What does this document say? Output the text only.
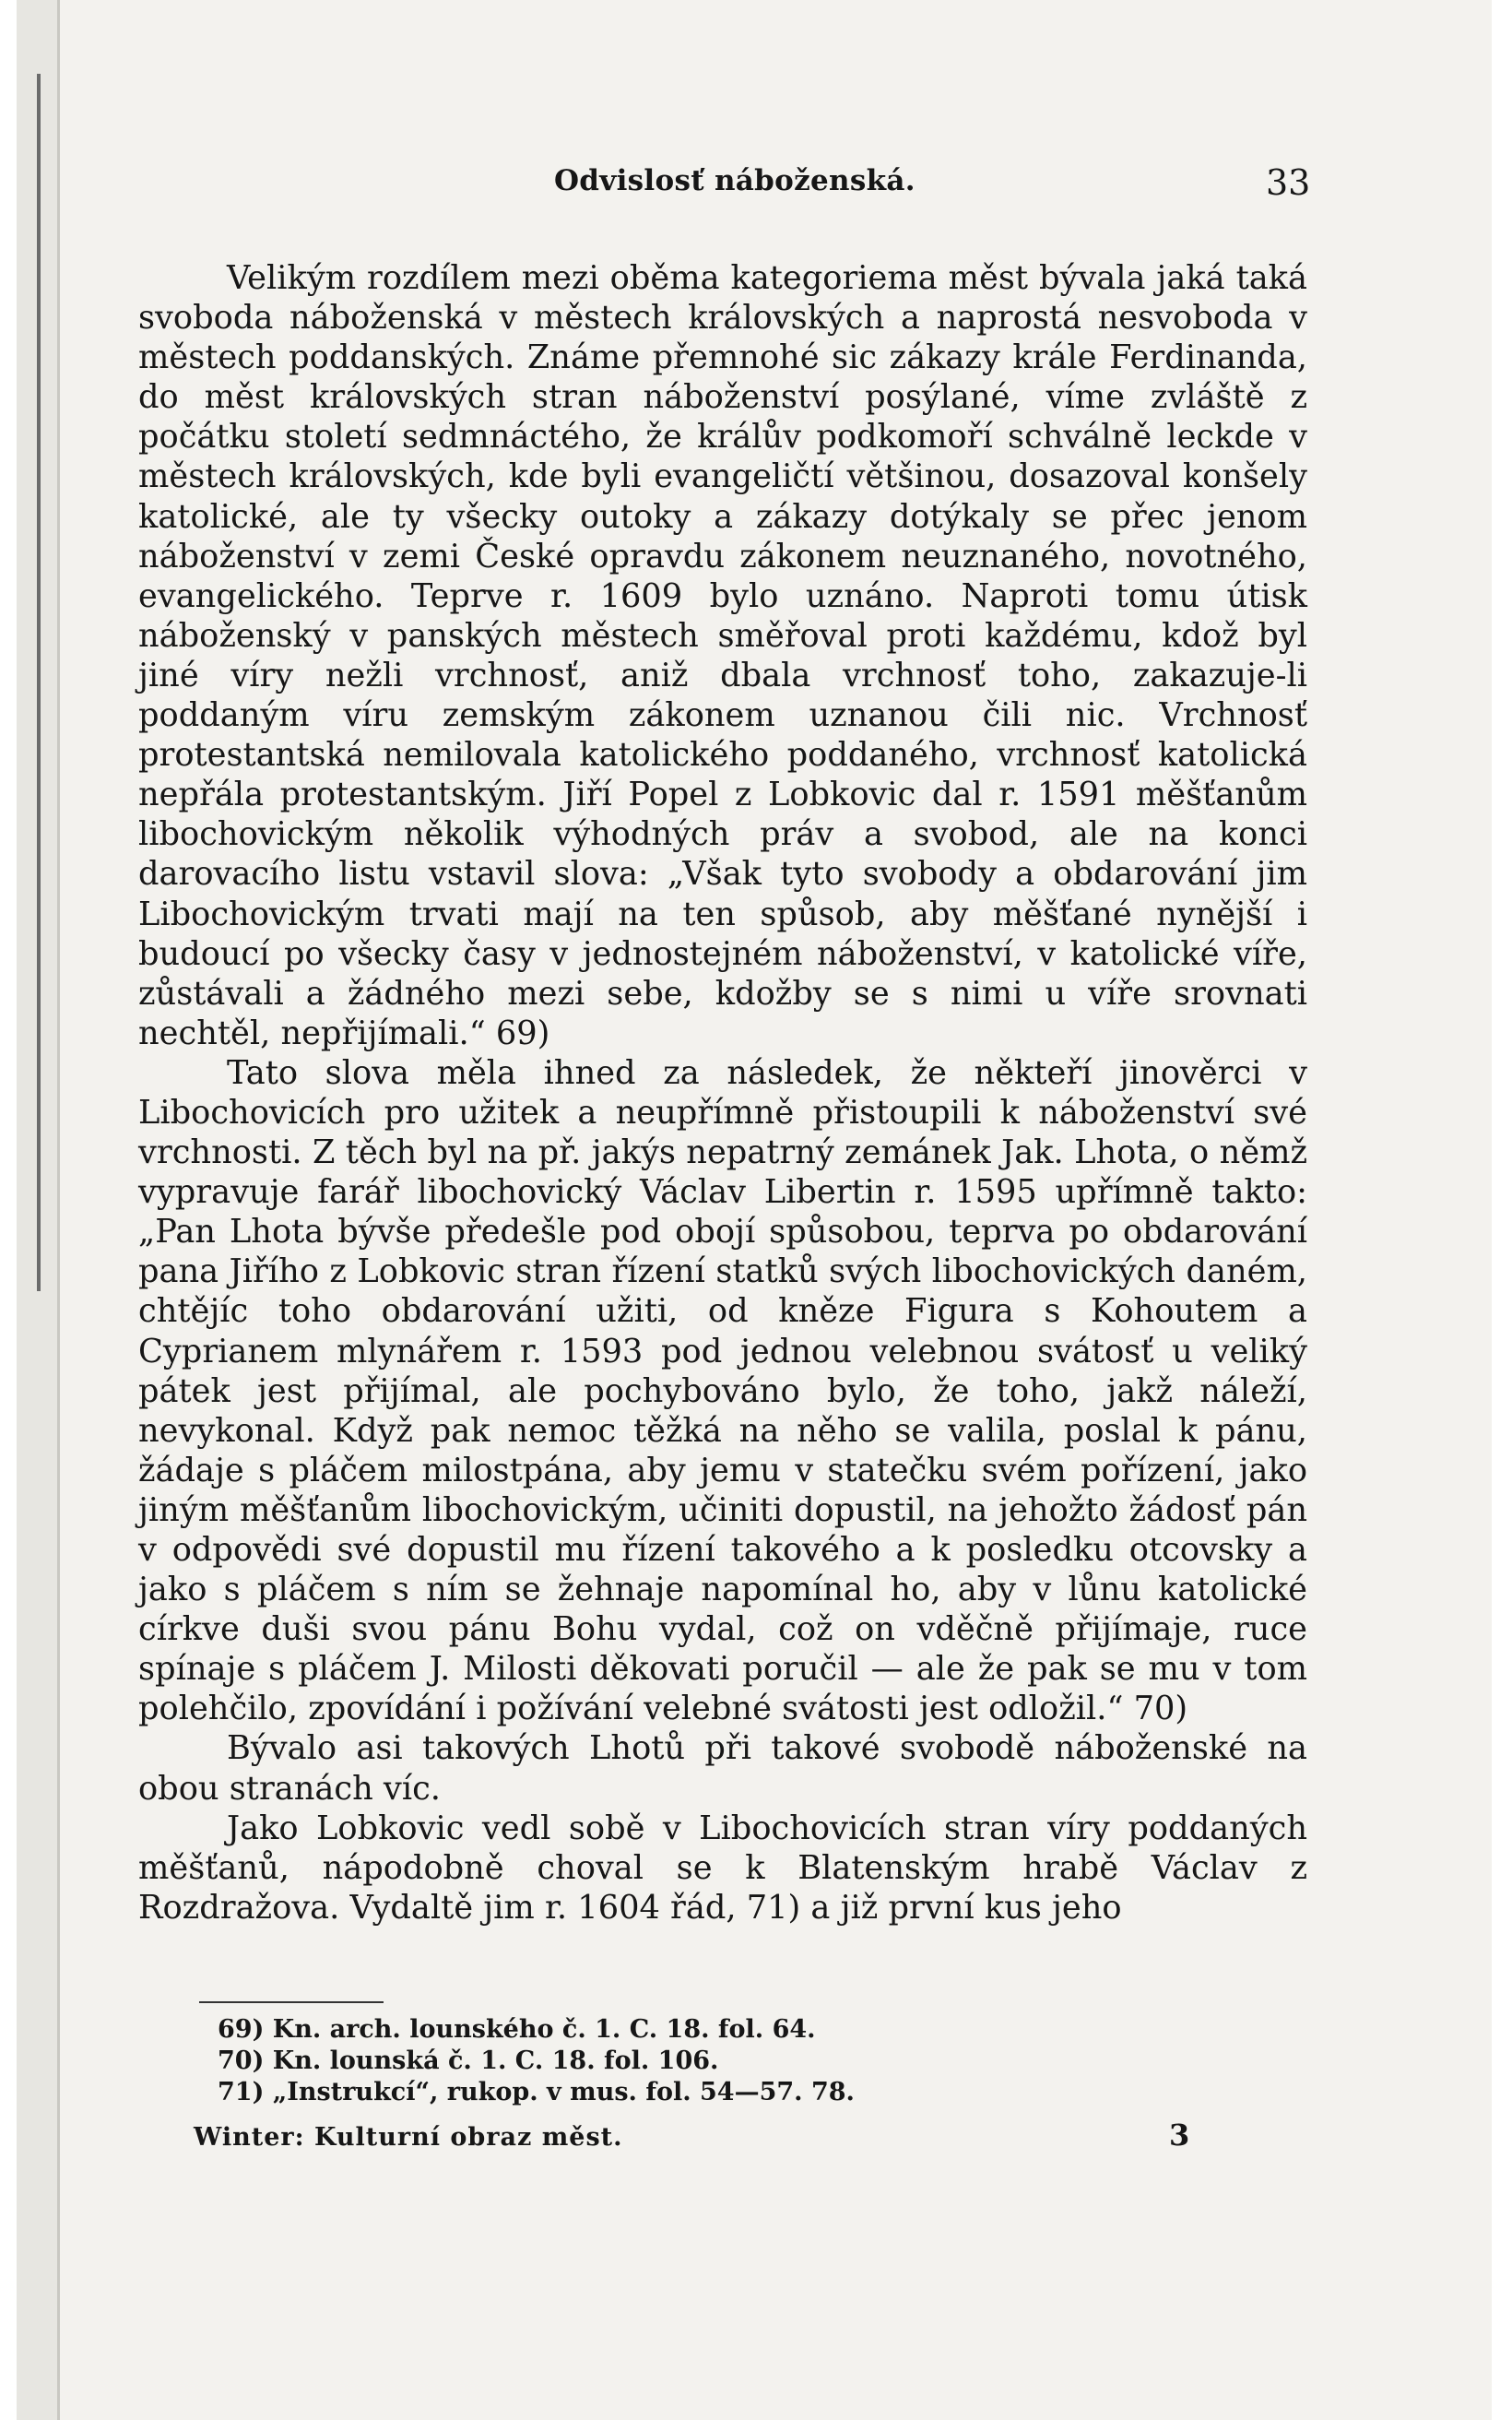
Odvislosť náboženská.	33

Velikým rozdílem mezi oběma kategoriema měst bývala jaká taká svoboda náboženská v městech královských a naprostá nesvoboda v městech poddanských. Známe přemnohé sic zákazy krále Ferdinanda, do měst královských stran náboženství posýlané, víme zvláště z počátku století sedmnáctého, že králův podkomoří schválně leckde v městech královských, kde byli evangeličtí většinou, dosazoval konšely katolické, ale ty všecky outoky a zákazy dotýkaly se přec jenom náboženství v zemi České opravdu zákonem neuznaného, novotného, evangelického. Teprve r. 1609 bylo uznáno. Naproti tomu útisk náboženský v panských městech směřoval proti každému, kdož byl jiné víry nežli vrchnosť, aniž dbala vrchnosť toho, zakazuje-li poddaným víru zemským zákonem uznanou čili nic. Vrchnosť protestantská nemilovala katolického poddaného, vrchnosť katolická nepřála protestantským. Jiří Popel z Lobkovic dal r. 1591 měšťanům libochovickým několik výhodných práv a svobod, ale na konci darovacího listu vstavil slova: „Však tyto svobody a obdarování jim Libochovickým trvati mají na ten spůsob, aby měšťané nynější i budoucí po všecky časy v jednostejném náboženství, v katolické víře, zůstávali a žádného mezi sebe, kdožby se s nimi u víře srovnati nechtěl, nepřijímali.“ 69)

Tato slova měla ihned za následek, že někteří jinověrci v Libochovicích pro užitek a neupřímně přistoupili k náboženství své vrchnosti. Z těch byl na př. jakýs nepatrný zemánek Jak. Lhota, o němž vypravuje farář libochovický Václav Libertin r. 1595 upřímně takto: „Pan Lhota bývše předešle pod obojí spůsobou, teprva po obdarování pana Jiřího z Lobkovic stran řízení statků svých libochovických daném, chtějíc toho obdarování užiti, od kněze Figura s Kohoutem a Cyprianem mlynářem r. 1593 pod jednou velebnou svátosť u veliký pátek jest přijímal, ale pochybováno bylo, že toho, jakž náleží, nevykonal. Když pak nemoc těžká na něho se valila, poslal k pánu, žádaje s pláčem milostpána, aby jemu v statečku svém pořízení, jako jiným měšťanům libochovickým, učiniti dopustil, na jehožto žádosť pán v odpovědi své dopustil mu řízení takového a k posledku otcovsky a jako s pláčem s ním se žehnaje napomínal ho, aby v lůnu katolické církve duši svou pánu Bohu vydal, což on vděčně přijímaje, ruce spínaje s pláčem J. Milosti děkovati poručil — ale že pak se mu v tom polehčilo, zpovídání i požívání velebné svátosti jest odložil.“ 70)

Bývalo asi takových Lhotů při takové svobodě náboženské na obou stranách víc.

Jako Lobkovic vedl sobě v Libochovicích stran víry poddaných měšťanů, nápodobně choval se k Blatenským hrabě Václav z Rozdražova. Vydaltě jim r. 1604 řád, 71) a již první kus jeho

69) Kn. arch. lounského č. 1. C. 18. fol. 64.
70) Kn. lounská č. 1. C. 18. fol. 106.
71) „Instrukcí“, rukop. v mus. fol. 54—57. 78.
Winter: Kulturní obraz měst.	3
